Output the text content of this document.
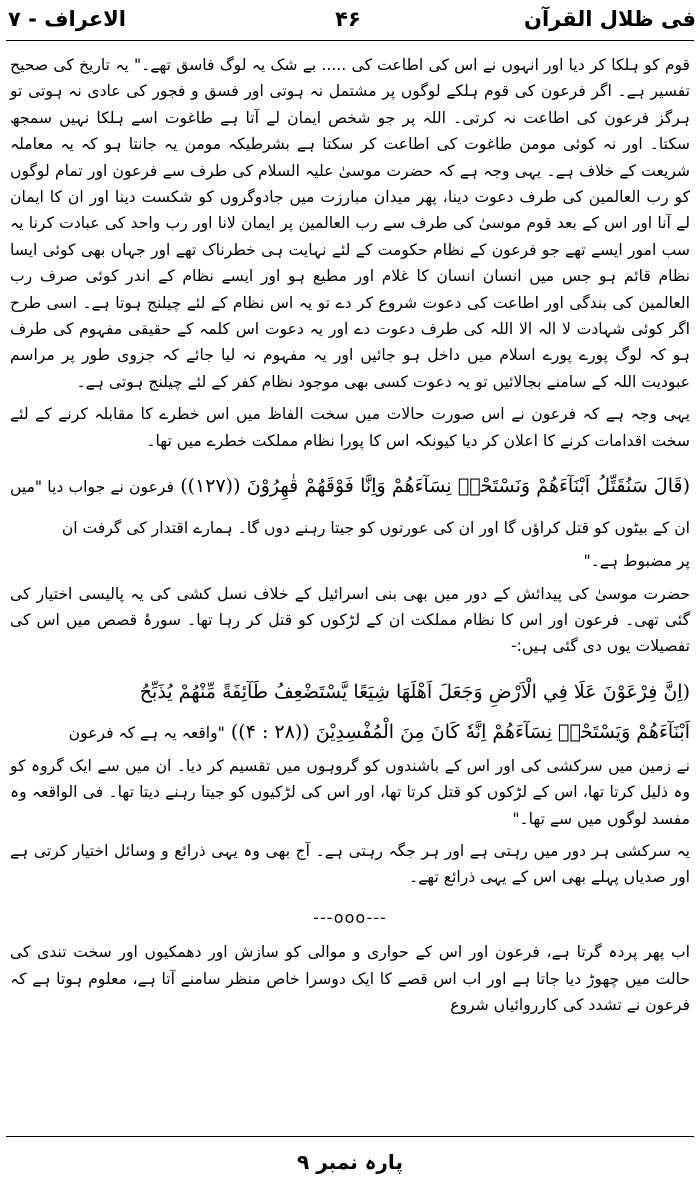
فی ظلال القرآن
۴۶
الاعراف - ۷

قوم کو ہلکا کر دیا اور انہوں نے اس کی اطاعت کی ..... بے شک یہ لوگ فاسق تھے۔" یہ تاریخ کی صحیح تفسیر ہے۔ اگر فرعون کی قوم ہلکے لوگوں پر مشتمل نہ ہوتی اور فسق و فجور کی عادی نہ ہوتی تو ہرگز فرعون کی اطاعت نہ کرتی۔ اللہ پر جو شخص ایمان لے آتا ہے طاغوت اسے ہلکا نہیں سمجھ سکتا۔ اور نہ کوئی مومن طاغوت کی اطاعت کر سکتا ہے بشرطیکہ مومن یہ جانتا ہو کہ یہ معاملہ شریعت کے خلاف ہے۔ یہی وجہ ہے کہ حضرت موسیٰ علیہ السلام کی طرف سے فرعون اور تمام لوگوں کو رب العالمین کی طرف دعوت دینا، پھر میدان مبارزت میں جادوگروں کو شکست دینا اور ان کا ایمان لے آنا اور اس کے بعد قوم موسیٰ کی طرف سے رب العالمین پر ایمان لانا اور رب واحد کی عبادت کرنا یہ سب امور ایسے تھے جو فرعون کے نظام حکومت کے لئے نہایت ہی خطرناک تھے اور جہاں بھی کوئی ایسا نظام قائم ہو جس میں انسان انسان کا غلام اور مطیع ہو اور ایسے نظام کے اندر کوئی صرف رب العالمین کی بندگی اور اطاعت کی دعوت شروع کر دے تو یہ اس نظام کے لئے چیلنج ہوتا ہے۔ اسی طرح اگر کوئی شہادت لا الہ الا اللہ کی طرف دعوت دے اور یہ دعوت اس کلمہ کے حقیقی مفہوم کی طرف ہو کہ لوگ پورے پورے اسلام میں داخل ہو جائیں اور یہ مفہوم نہ لیا جائے کہ جزوی طور پر مراسم عبودیت اللہ کے سامنے بجالائیں تو یہ دعوت کسی بھی موجود نظام کفر کے لئے چیلنج ہوتی ہے۔

یہی وجہ ہے کہ فرعون نے اس صورت حالات میں سخت الفاظ میں اس خطرے کا مقابلہ کرنے کے لئے سخت اقدامات کرنے کا اعلان کر دیا کیونکہ اس کا پورا نظام مملکت خطرے میں تھا۔

(قَالَ سَنُقَتِّلُ اَبْنَآءَهُمْ وَنَسْتَحْيٖ نِسَآءَهُمْ وَاِنَّا فَوْقَهُمْ قٰهِرُوْنَ ((۱۲۷)) فرعون نے جواب دیا "میں ان کے بیٹوں کو قتل کراؤں گا اور ان کی عورتوں کو جیتا رہنے دوں گا۔ ہمارے اقتدار کی گرفت ان

پر مضبوط ہے۔"

حضرت موسیٰ کی پیدائش کے دور میں بھی بنی اسرائیل کے خلاف نسل کشی کی یہ پالیسی اختیار کی گئی تھی۔ فرعون اور اس کا نظام مملکت ان کے لڑکوں کو قتل کر رہا تھا۔ سورۂ قصص میں اس کی تفصیلات یوں دی گئی ہیں:-

(اِنَّ فِرْعَوْنَ عَلَا فِي الْاَرْضِ وَجَعَلَ اَهْلَهَا شِيَعًا يَّسْتَضْعِفُ طَآئِفَةً مِّنْهُمْ يُذَبِّحُ

اَبْنَآءَهُمْ وَيَسْتَحْيٖ نِسَآءَهُمْ اِنَّهٗ كَانَ مِنَ الْمُفْسِدِيْنَ ((۲۸ : ۴)) "واقعہ یہ ہے کہ فرعون

نے زمین میں سرکشی کی اور اس کے باشندوں کو گروہوں میں تقسیم کر دیا۔ ان میں سے ایک گروہ کو وہ ذلیل کرتا تھا، اس کے لڑکوں کو قتل کرتا تھا، اور اس کی لڑکیوں کو جیتا رہنے دیتا تھا۔ فی الواقعہ وہ مفسد لوگوں میں سے تھا۔"

یہ سرکشی ہر دور میں رہتی ہے اور ہر جگہ رہتی ہے۔ آج بھی وہ یہی ذرائع و وسائل اختیار کرتی ہے اور صدیاں پہلے بھی اس کے یہی ذرائع تھے۔

---ooo---

اب پھر پردہ گرتا ہے، فرعون اور اس کے حواری و موالی کو سازش اور دھمکیوں اور سخت تندی کی حالت میں چھوڑ دیا جاتا ہے اور اب اس قصے کا ایک دوسرا خاص منظر سامنے آتا ہے، معلوم ہوتا ہے کہ فرعون نے تشدد کی کارروائیاں شروع

پارہ نمبر ۹
